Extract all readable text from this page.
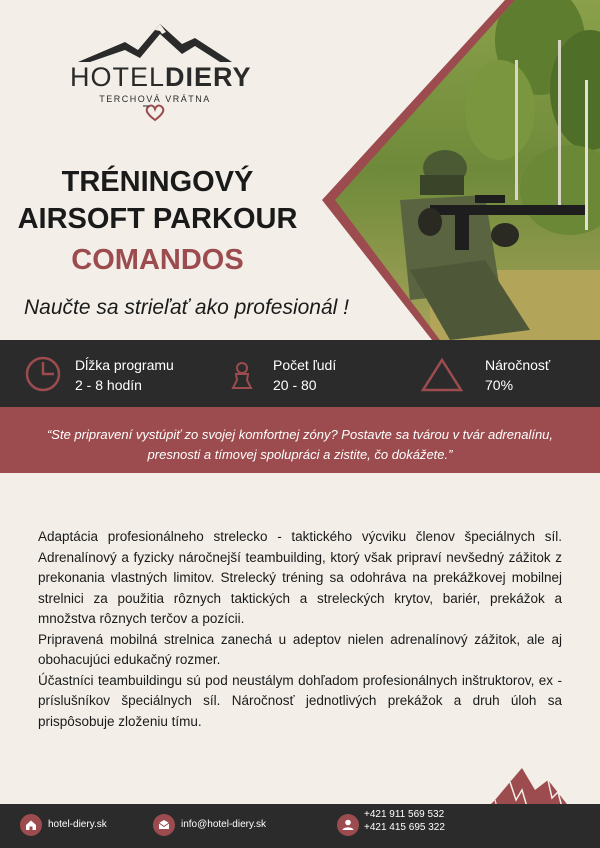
HOTELDIERY
TERCHOVÁ VRÁTNA
TRÉNINGOVÝ
AIRSOFT PARKOUR
COMANDOS
Naučte sa strieľať ako profesionál !
Dĺžka programu
2 - 8 hodín
Počet ľudí
20 - 80
Náročnosť
70%
“Ste pripravení vystúpiť zo svojej komfortnej zóny? Postavte sa tvárou v tvár adrenalínu, presnosti a tímovej spolupráci a zistite, čo dokážete.”

Adaptácia profesionálneho strelecko - taktického výcviku členov špeciálnych síl. Adrenalínový a fyzicky náročnejší teambuilding, ktorý však pripraví nevšedný zážitok z prekonania vlastných limitov. Strelecký tréning sa odohráva na prekážkovej mobilnej strelnici za použitia rôznych taktických a streleckých krytov, bariér, prekážok a množstva rôznych terčov a pozícii.

Pripravená mobilná strelnica zanechá u adeptov nielen adrenalínový zážitok, ale aj obohacujúci edukačný rozmer.

Účastníci teambuildingu sú pod neustálym dohľadom profesionálnych inštruktorov, ex - príslušníkov špeciálnych síl. Náročnosť jednotlivých prekážok a druh úloh sa prispôsobuje zloženiu tímu.

hotel-diery.sk	info@hotel-diery.sk
+421 911 569 532
+421 415 695 322
